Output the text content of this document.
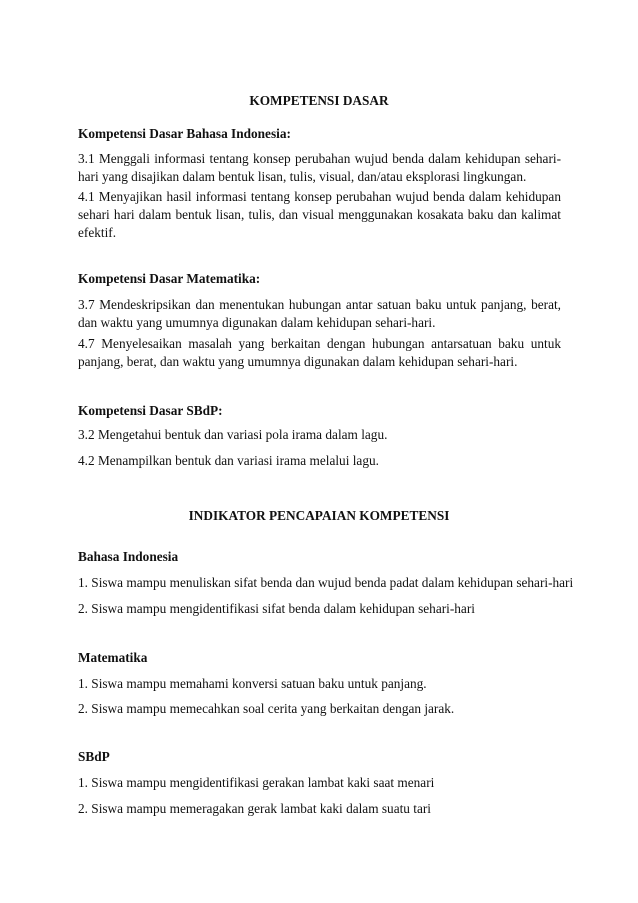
KOMPETENSI DASAR
Kompetensi Dasar Bahasa Indonesia:
3.1 Menggali informasi tentang konsep perubahan wujud benda dalam kehidupan sehari-hari yang disajikan dalam bentuk lisan, tulis, visual, dan/atau eksplorasi lingkungan.
4.1 Menyajikan hasil informasi tentang konsep perubahan wujud benda dalam kehidupan sehari hari dalam bentuk lisan, tulis, dan visual menggunakan kosakata baku dan kalimat efektif.
Kompetensi Dasar Matematika:
3.7 Mendeskripsikan dan menentukan hubungan antar satuan baku untuk panjang, berat, dan waktu yang umumnya digunakan dalam kehidupan sehari-hari.
4.7 Menyelesaikan masalah yang berkaitan dengan hubungan antarsatuan baku untuk panjang, berat, dan waktu yang umumnya digunakan dalam kehidupan sehari-hari.
Kompetensi Dasar SBdP:
3.2 Mengetahui bentuk dan variasi pola irama dalam lagu.
4.2 Menampilkan bentuk dan variasi irama melalui lagu.
INDIKATOR PENCAPAIAN KOMPETENSI
Bahasa Indonesia
1. Siswa mampu menuliskan sifat benda dan wujud benda padat dalam kehidupan sehari-hari
2. Siswa mampu mengidentifikasi sifat benda dalam kehidupan sehari-hari
Matematika
1. Siswa mampu memahami konversi satuan baku untuk panjang.
2. Siswa mampu memecahkan soal cerita yang berkaitan dengan jarak.
SBdP
1. Siswa mampu mengidentifikasi gerakan lambat kaki saat menari
2. Siswa mampu memeragakan gerak lambat kaki dalam suatu tari
